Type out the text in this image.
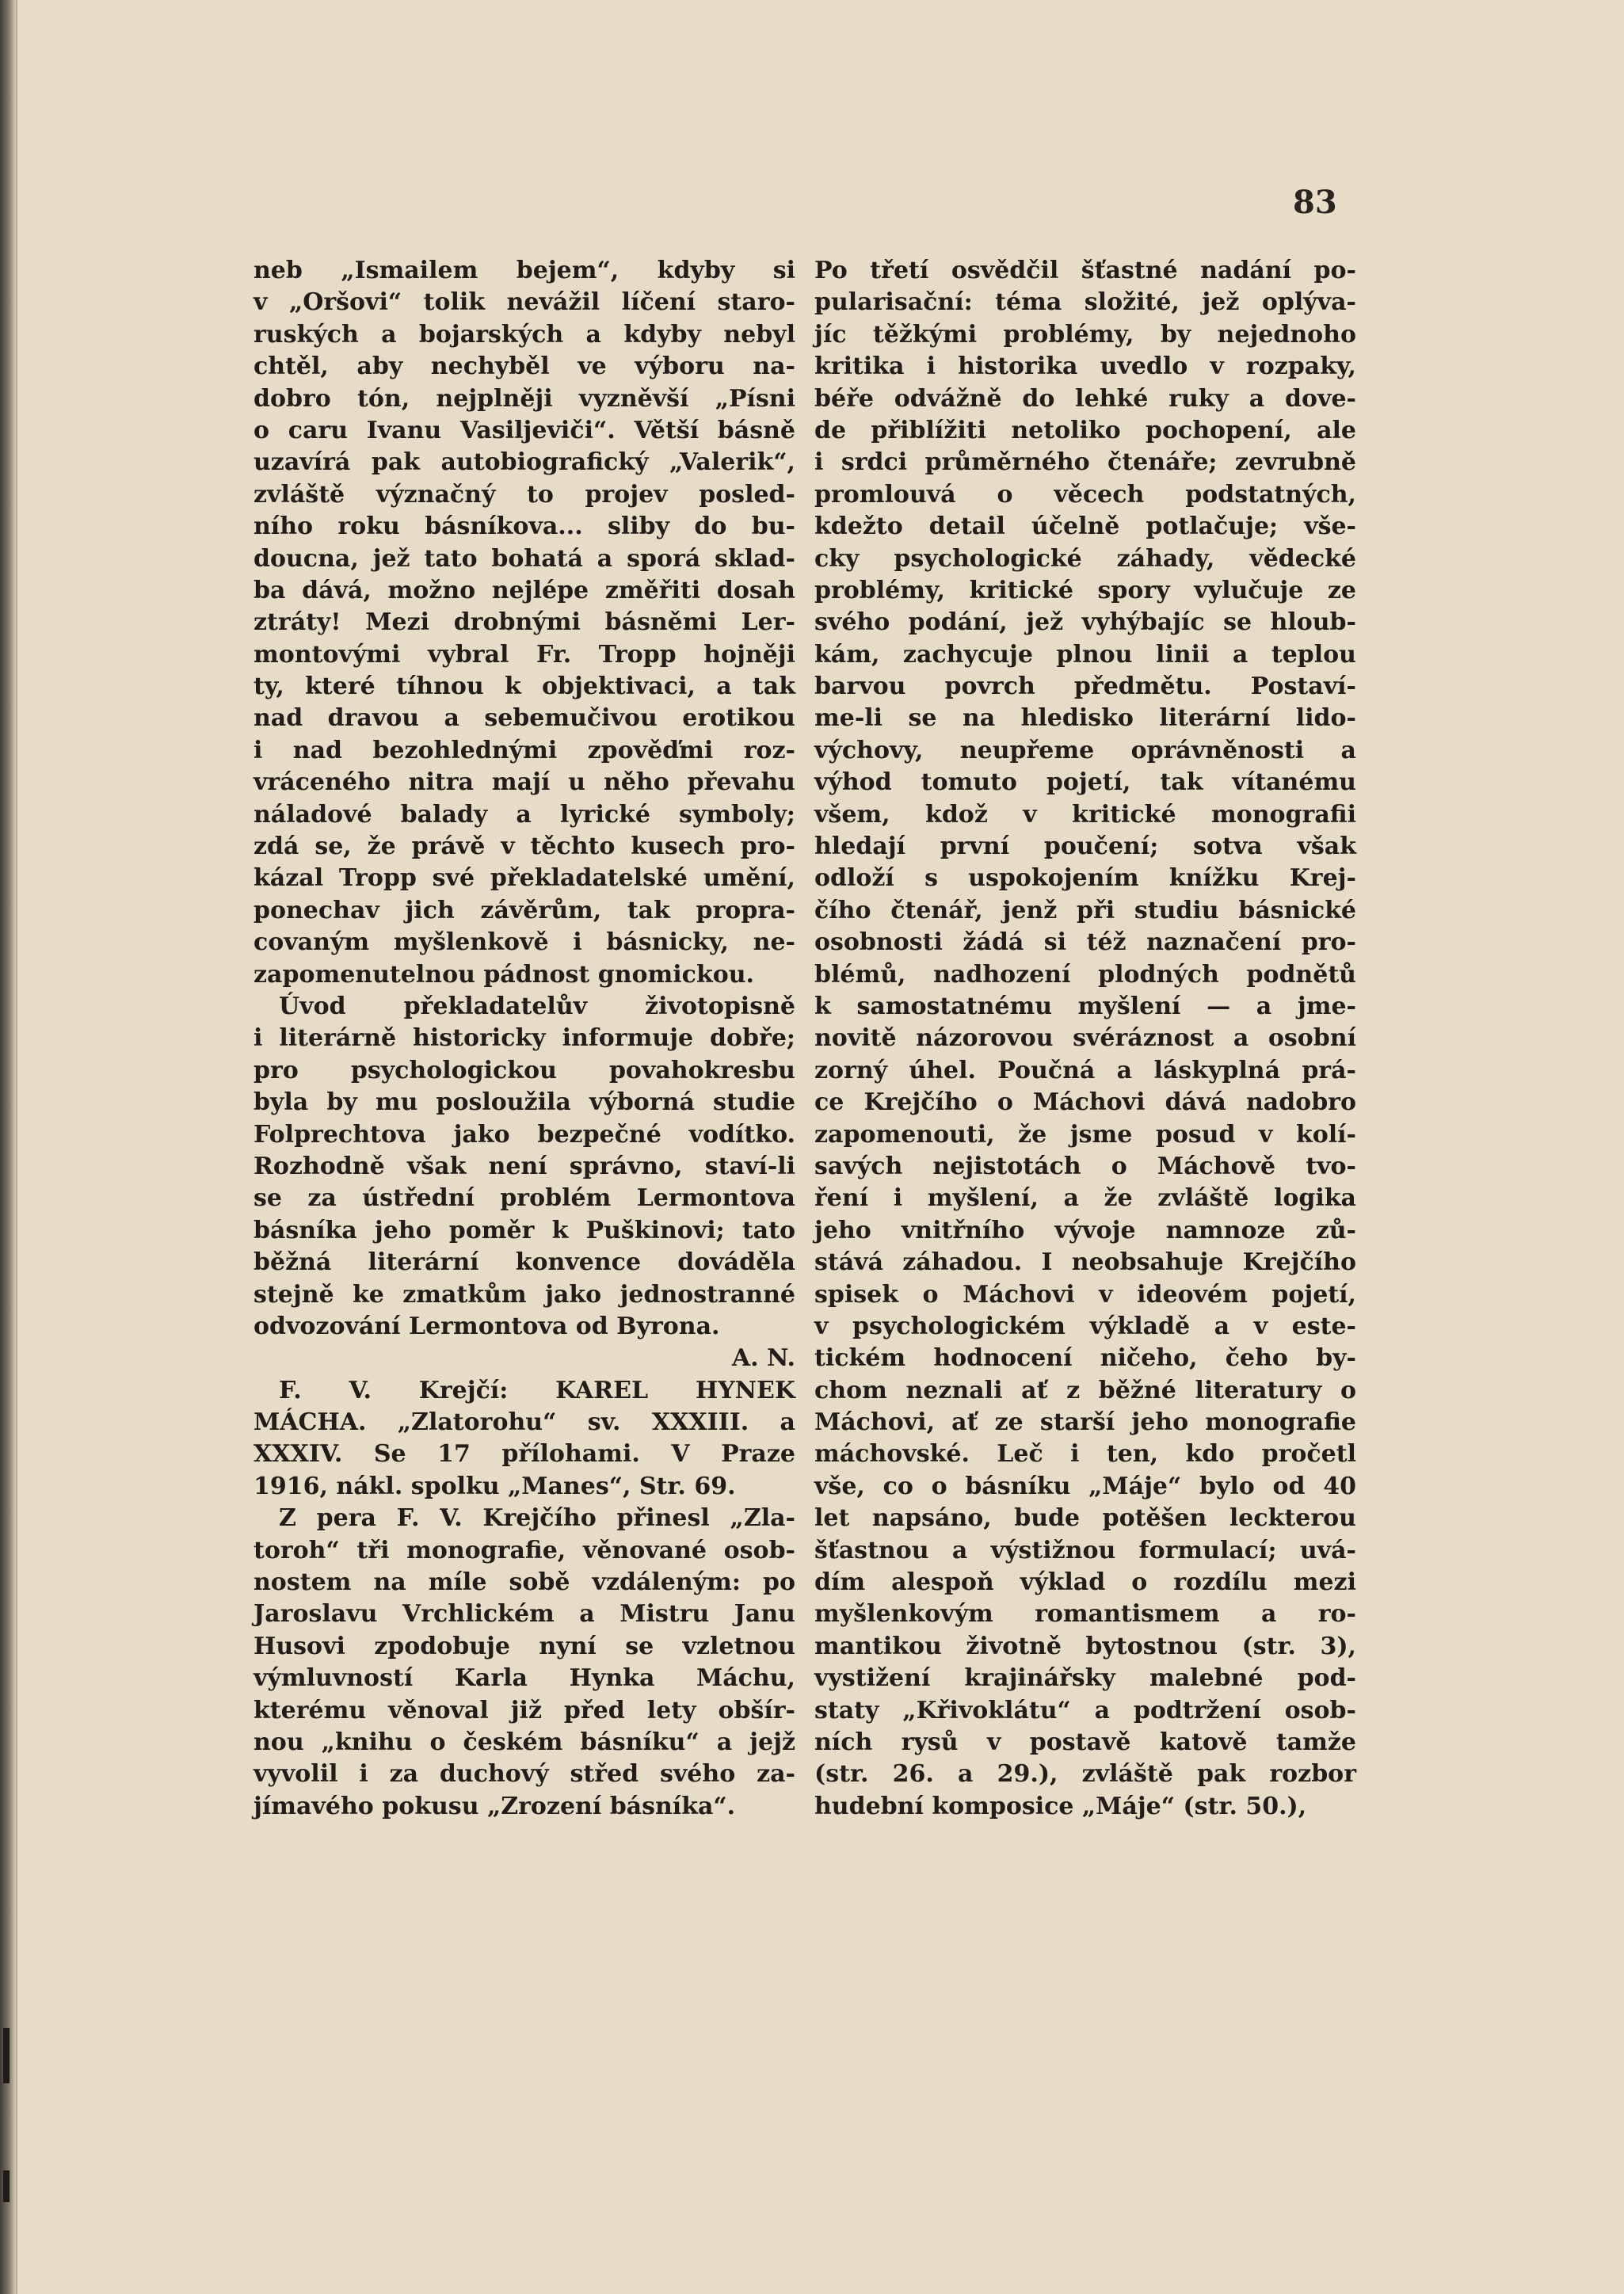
83
neb „Ismailem bejem“, kdyby si
v „Oršovi“ tolik nevážil líčení staro-
ruských a bojarských a kdyby nebyl
chtěl, aby nechyběl ve výboru na-
dobro tón, nejplněji vyzněvší „Písni
o caru Ivanu Vasiljeviči“. Větší básně
uzavírá pak autobiografický „Valerik“,
zvláště význačný to projev posled-
ního roku básníkova... sliby do bu-
doucna, jež tato bohatá a sporá sklad-
ba dává, možno nejlépe změřiti dosah
ztráty! Mezi drobnými básněmi Ler-
montovými vybral Fr. Tropp hojněji
ty, které tíhnou k objektivaci, a tak
nad dravou a sebemučivou erotikou
i nad bezohlednými zpověďmi roz-
vráceného nitra mají u něho převahu
náladové balady a lyrické symboly;
zdá se, že právě v těchto kusech pro-
kázal Tropp své překladatelské umění,
ponechav jich závěrům, tak propra-
covaným myšlenkově i básnicky, ne-
zapomenutelnou pádnost gnomickou.
Úvod překladatelův životopisně
i literárně historicky informuje dobře;
pro psychologickou povahokresbu
byla by mu posloužila výborná studie
Folprechtova jako bezpečné vodítko.
Rozhodně však není správno, staví-li
se za ústřední problém Lermontova
básníka jeho poměr k Puškinovi; tato
běžná literární konvence dováděla
stejně ke zmatkům jako jednostranné
odvozování Lermontova od Byrona.
A. N.
F. V. Krejčí: KAREL HYNEK
MÁCHA. „Zlatorohu“ sv. XXXIII. a
XXXIV. Se 17 přílohami. V Praze
1916, nákl. spolku „Manes“, Str. 69.
Z pera F. V. Krejčího přinesl „Zla-
toroh“ tři monografie, věnované osob-
nostem na míle sobě vzdáleným: po
Jaroslavu Vrchlickém a Mistru Janu
Husovi zpodobuje nyní se vzletnou
výmluvností Karla Hynka Máchu,
kterému věnoval již před lety obšír-
nou „knihu o českém básníku“ a jejž
vyvolil i za duchový střed svého za-
jímavého pokusu „Zrození básníka“.
Po třetí osvědčil šťastné nadání po-
pularisační: téma složité, jež oplýva-
jíc těžkými problémy, by nejednoho
kritika i historika uvedlo v rozpaky,
béře odvážně do lehké ruky a dove-
de přiblížiti netoliko pochopení, ale
i srdci průměrného čtenáře; zevrubně
promlouvá o věcech podstatných,
kdežto detail účelně potlačuje; vše-
cky psychologické záhady, vědecké
problémy, kritické spory vylučuje ze
svého podání, jež vyhýbajíc se hloub-
kám, zachycuje plnou linii a teplou
barvou povrch předmětu. Postaví-
me-li se na hledisko literární lido-
výchovy, neupřeme oprávněnosti a
výhod tomuto pojetí, tak vítanému
všem, kdož v kritické monografii
hledají první poučení; sotva však
odloží s uspokojením knížku Krej-
čího čtenář, jenž při studiu básnické
osobnosti žádá si též naznačení pro-
blémů, nadhození plodných podnětů
k samostatnému myšlení — a jme-
novitě názorovou svéráznost a osobní
zorný úhel. Poučná a láskyplná prá-
ce Krejčího o Máchovi dává nadobro
zapomenouti, že jsme posud v kolí-
savých nejistotách o Máchově tvo-
ření i myšlení, a že zvláště logika
jeho vnitřního vývoje namnoze zů-
stává záhadou. I neobsahuje Krejčího
spisek o Máchovi v ideovém pojetí,
v psychologickém výkladě a v este-
tickém hodnocení ničeho, čeho by-
chom neznali ať z běžné literatury o
Máchovi, ať ze starší jeho monografie
máchovské. Leč i ten, kdo pročetl
vše, co o básníku „Máje“ bylo od 40
let napsáno, bude potěšen leckterou
šťastnou a výstižnou formulací; uvá-
dím alespoň výklad o rozdílu mezi
myšlenkovým romantismem a ro-
mantikou životně bytostnou (str. 3),
vystižení krajinářsky malebné pod-
staty „Křivoklátu“ a podtržení osob-
ních rysů v postavě katově tamže
(str. 26. a 29.), zvláště pak rozbor
hudební komposice „Máje“ (str. 50.),
